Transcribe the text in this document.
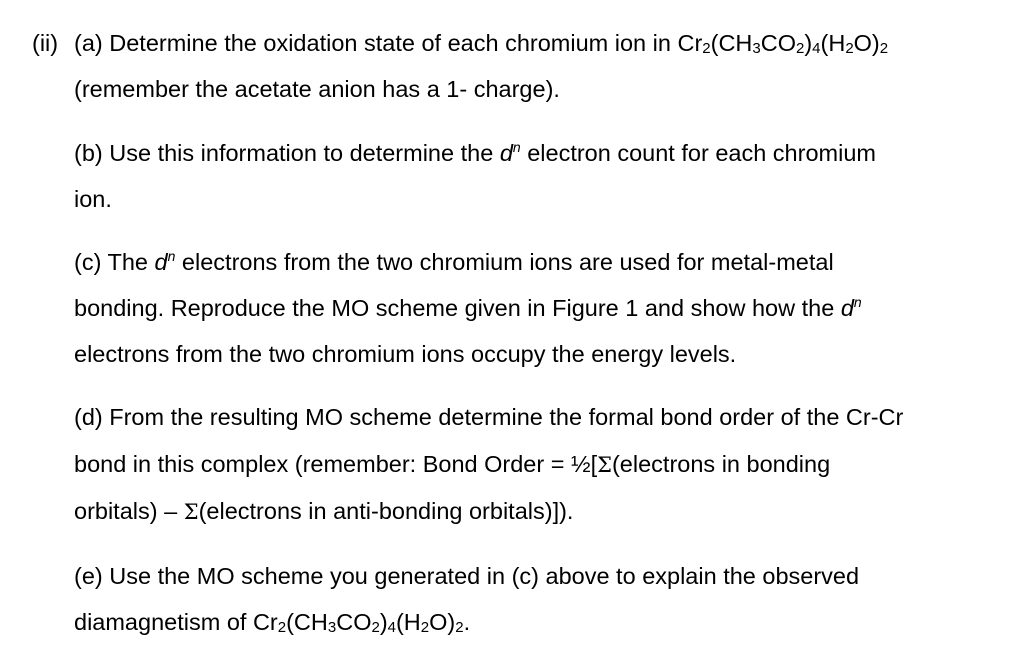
(ii) (a) Determine the oxidation state of each chromium ion in Cr2(CH3CO2)4(H2O)2
(remember the acetate anion has a 1- charge).
(b) Use this information to determine the $d^n$ electron count for each chromium
ion.
(c) The $d^n$ electrons from the two chromium ions are used for metal-metal
bonding. Reproduce the MO scheme given in Figure 1 and show how the $d^n$
electrons from the two chromium ions occupy the energy levels.
(d) From the resulting MO scheme determine the formal bond order of the Cr-Cr
bond in this complex (remember: Bond Order = ½[Σ(electrons in bonding
orbitals) – Σ(electrons in anti-bonding orbitals)]).
(e) Use the MO scheme you generated in (c) above to explain the observed
diamagnetism of Cr2(CH3CO2)4(H2O)2.
